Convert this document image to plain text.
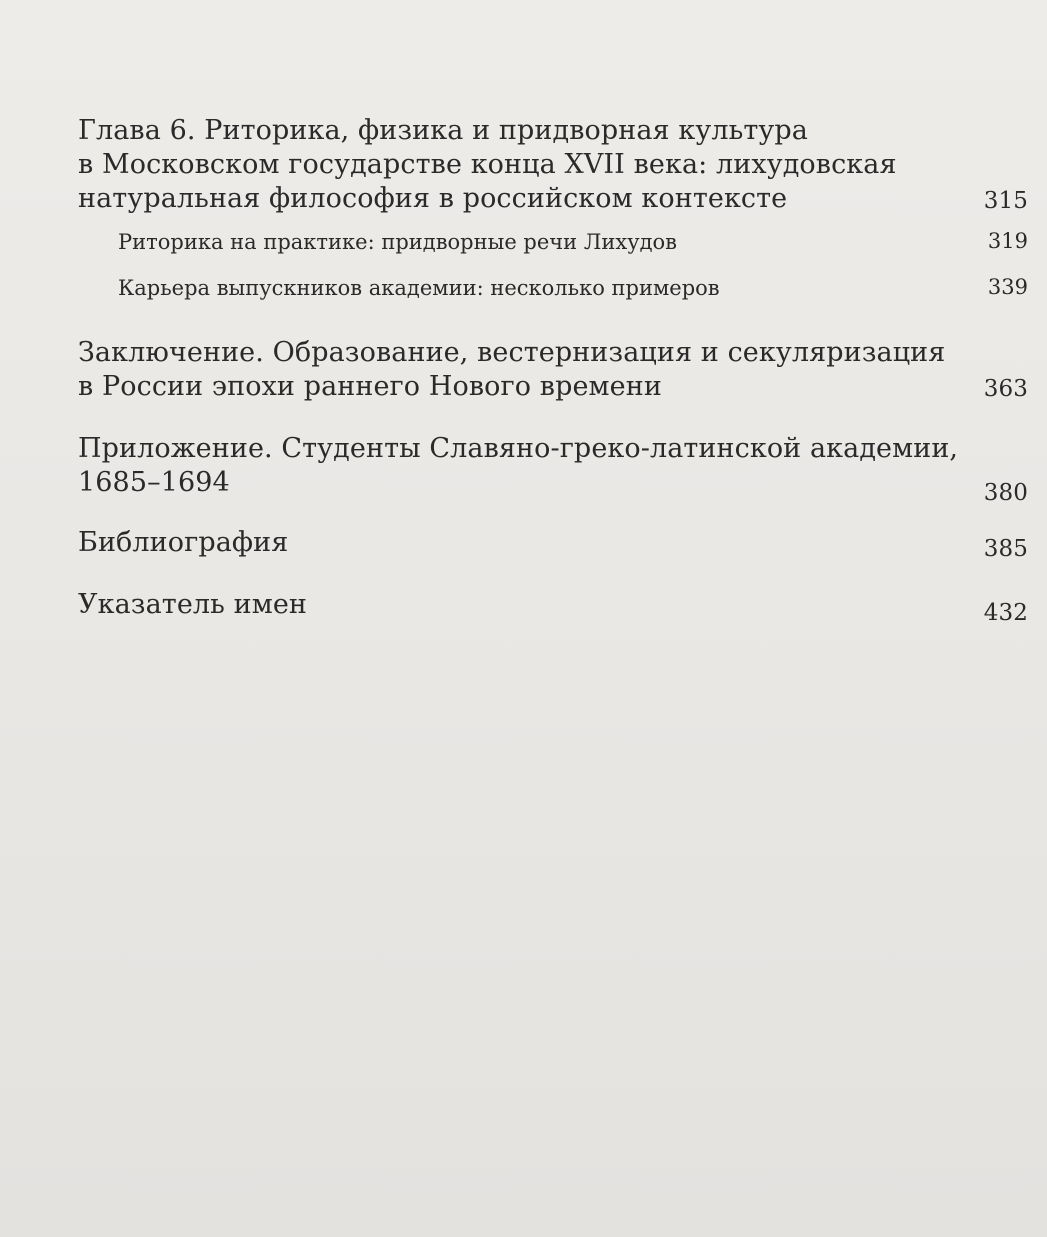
Глава 6. Риторика, физика и придворная культура
в Московском государстве конца XVII века: лихудовская
натуральная философия в российском контексте	315
Риторика на практике: придворные речи Лихудов	319
Карьера выпускников академии: несколько примеров	339
Заключение. Образование, вестернизация и секуляризация
в России эпохи раннего Нового времени	363
Приложение. Студенты Славяно-греко-латинской академии,
1685–1694	380
Библиография	385
Указатель имен	432
